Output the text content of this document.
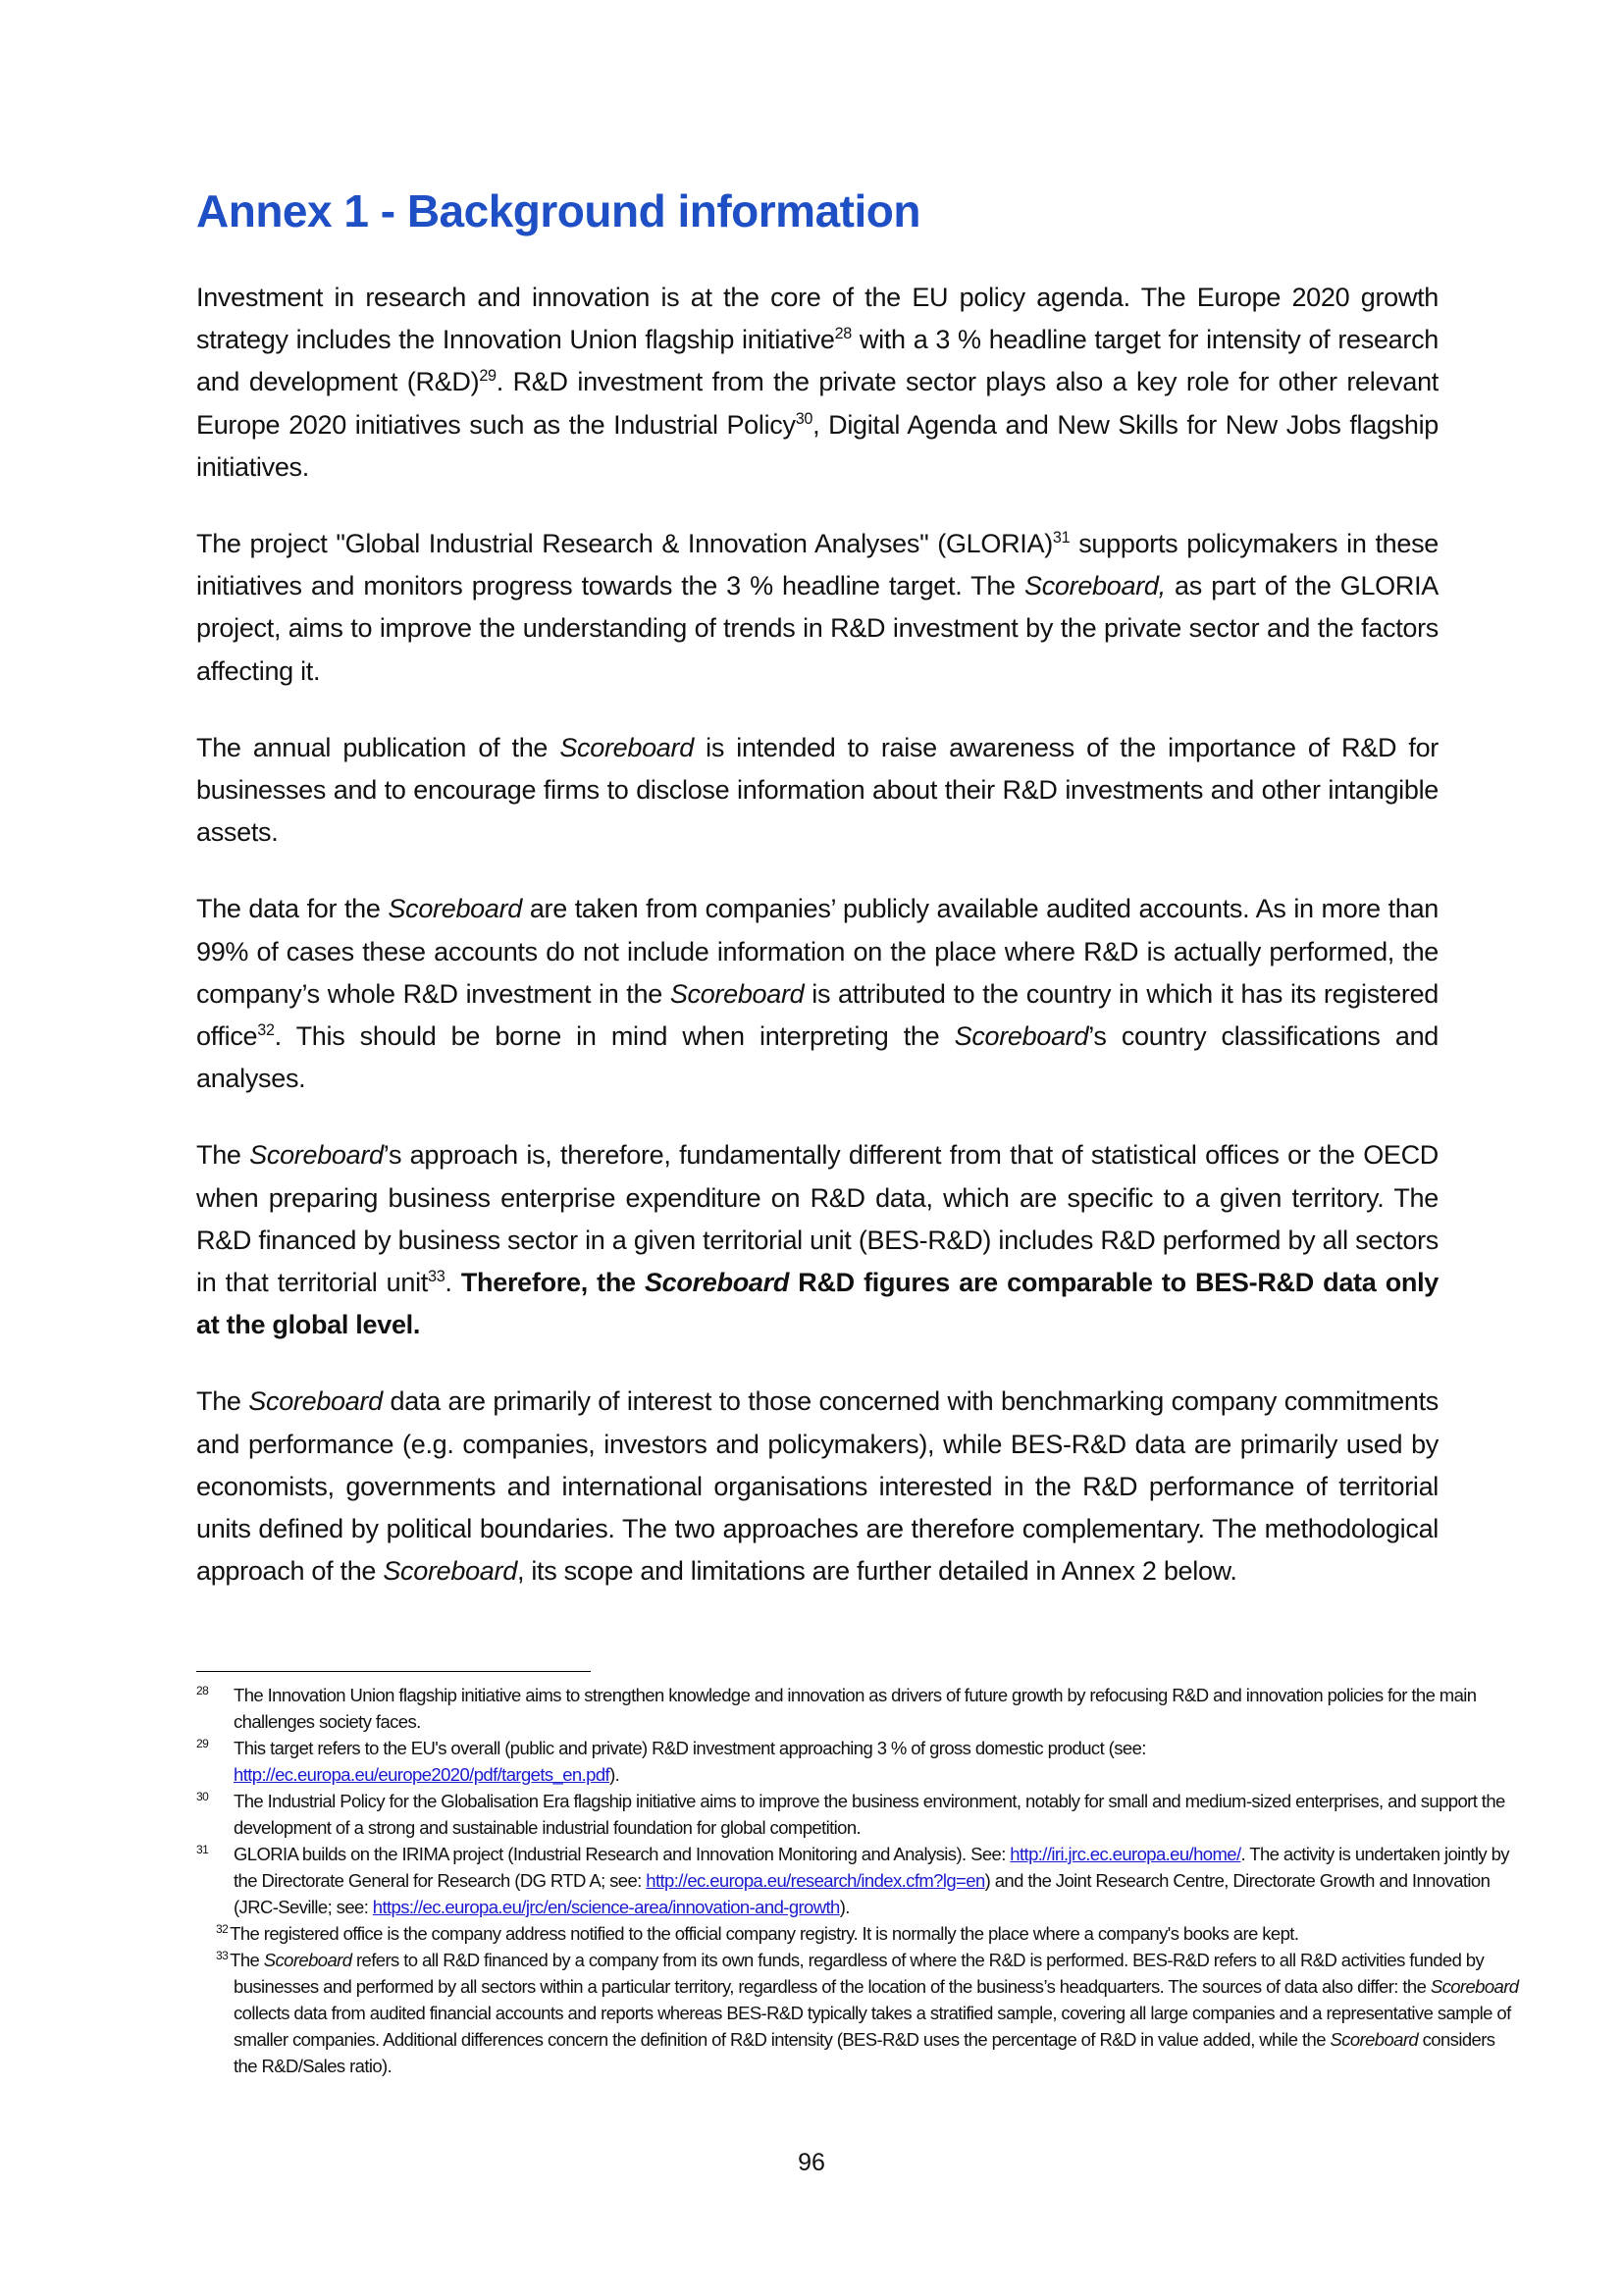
Annex 1 - Background information

Investment in research and innovation is at the core of the EU policy agenda. The Europe 2020 growth strategy includes the Innovation Union flagship initiative$^{28}$ with a 3 % headline target for intensity of research and development (R&D)$^{29}$. R&D investment from the private sector plays also a key role for other relevant Europe 2020 initiatives such as the Industrial Policy$^{30}$, Digital Agenda and New Skills for New Jobs flagship initiatives.

The project "Global Industrial Research & Innovation Analyses" (GLORIA)$^{31}$ supports policymakers in these initiatives and monitors progress towards the 3 % headline target. The Scoreboard, as part of the GLORIA project, aims to improve the understanding of trends in R&D investment by the private sector and the factors affecting it.

The annual publication of the Scoreboard is intended to raise awareness of the importance of R&D for businesses and to encourage firms to disclose information about their R&D investments and other intangible assets.

The data for the Scoreboard are taken from companies’ publicly available audited accounts. As in more than 99% of cases these accounts do not include information on the place where R&D is actually performed, the company’s whole R&D investment in the Scoreboard is attributed to the country in which it has its registered office$^{32}$. This should be borne in mind when interpreting the Scoreboard’s country classifications and analyses.

The Scoreboard’s approach is, therefore, fundamentally different from that of statistical offices or the OECD when preparing business enterprise expenditure on R&D data, which are specific to a given territory. The R&D financed by business sector in a given territorial unit (BES-R&D) includes R&D performed by all sectors in that territorial unit$^{33}$. Therefore, the Scoreboard R&D figures are comparable to BES-R&D data only at the global level.

The Scoreboard data are primarily of interest to those concerned with benchmarking company commitments and performance (e.g. companies, investors and policymakers), while BES-R&D data are primarily used by economists, governments and international organisations interested in the R&D performance of territorial units defined by political boundaries. The two approaches are therefore complementary. The methodological approach of the Scoreboard, its scope and limitations are further detailed in Annex 2 below.

28 The Innovation Union flagship initiative aims to strengthen knowledge and innovation as drivers of future growth by refocusing R&D and innovation policies for the main challenges society faces.

29 This target refers to the EU's overall (public and private) R&D investment approaching 3 % of gross domestic product (see: http://ec.europa.eu/europe2020/pdf/targets_en.pdf).

30 The Industrial Policy for the Globalisation Era flagship initiative aims to improve the business environment, notably for small and medium-sized enterprises, and support the development of a strong and sustainable industrial foundation for global competition.

31 GLORIA builds on the IRIMA project (Industrial Research and Innovation Monitoring and Analysis). See: http://iri.jrc.ec.europa.eu/home/. The activity is undertaken jointly by the Directorate General for Research (DG RTD A; see: http://ec.europa.eu/research/index.cfm?lg=en) and the Joint Research Centre, Directorate Growth and Innovation (JRC-Seville; see: https://ec.europa.eu/jrc/en/science-area/innovation-and-growth).

$^{32}$ The registered office is the company address notified to the official company registry. It is normally the place where a company's books are kept.

$^{33}$ The Scoreboard refers to all R&D financed by a company from its own funds, regardless of where the R&D is performed. BES-R&D refers to all R&D activities funded by businesses and performed by all sectors within a particular territory, regardless of the location of the business’s headquarters. The sources of data also differ: the Scoreboard collects data from audited financial accounts and reports whereas BES-R&D typically takes a stratified sample, covering all large companies and a representative sample of smaller companies. Additional differences concern the definition of R&D intensity (BES-R&D uses the percentage of R&D in value added, while the Scoreboard considers the R&D/Sales ratio).

96
